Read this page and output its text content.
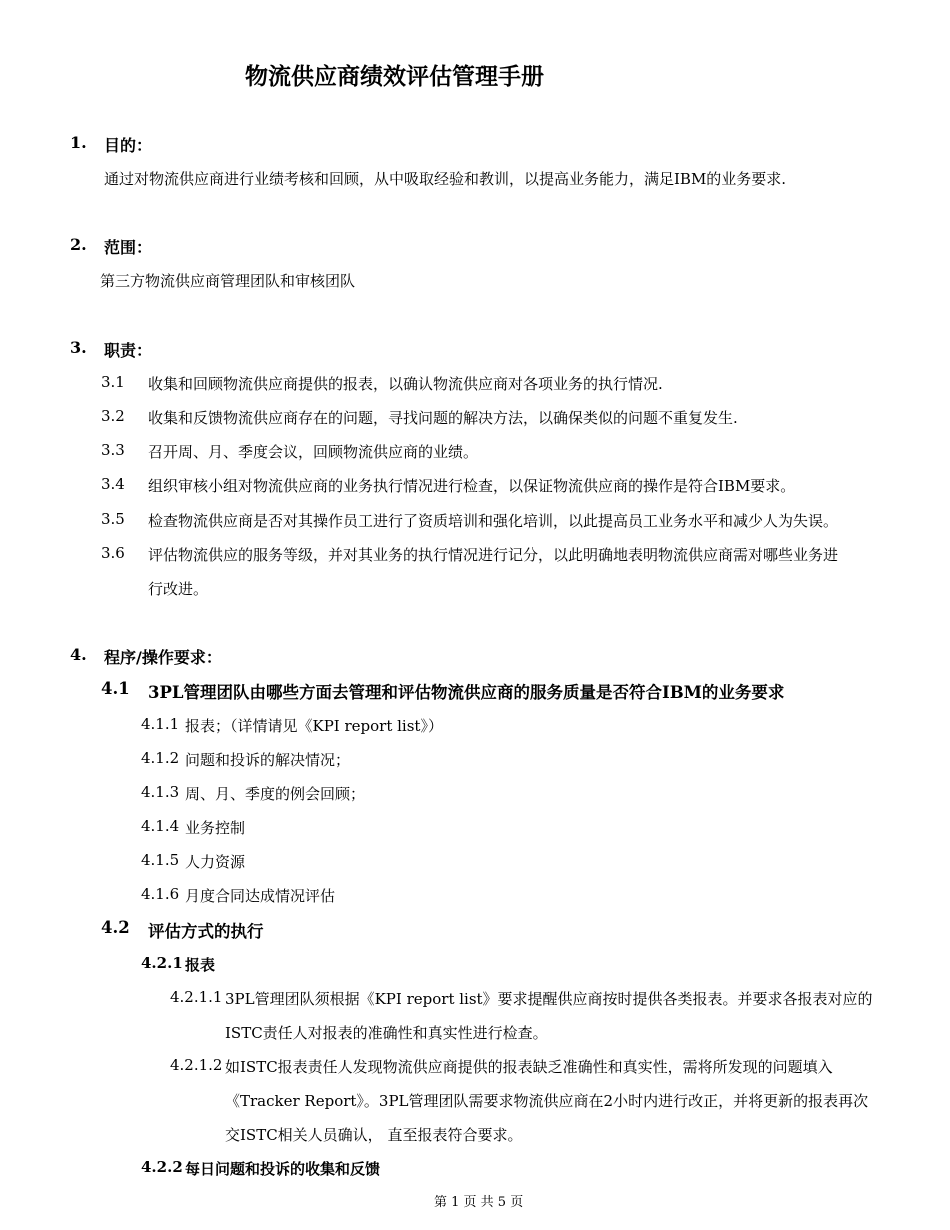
物流供应商绩效评估管理手册
1. 目的：
通过对物流供应商进行业绩考核和回顾，从中吸取经验和教训，以提高业务能力，满足IBM的业务要求.
2. 范围：
第三方物流供应商管理团队和审核团队
3. 职责：
3.1 收集和回顾物流供应商提供的报表，以确认物流供应商对各项业务的执行情况.
3.2 收集和反馈物流供应商存在的问题，寻找问题的解决方法，以确保类似的问题不重复发生.
3.3 召开周、月、季度会议，回顾物流供应商的业绩。
3.4 组织审核小组对物流供应商的业务执行情况进行检查，以保证物流供应商的操作是符合IBM要求。
3.5 检查物流供应商是否对其操作员工进行了资质培训和强化培训，以此提高员工业务水平和减少人为失误。
3.6 评估物流供应的服务等级，并对其业务的执行情况进行记分，以此明确地表明物流供应商需对哪些业务进
行改进。
4. 程序/操作要求：
4.1 3PL管理团队由哪些方面去管理和评估物流供应商的服务质量是否符合IBM的业务要求
4.1.1 报表；（详情请见《KPI report list》）
4.1.2 问题和投诉的解决情况；
4.1.3 周、月、季度的例会回顾；
4.1.4 业务控制
4.1.5 人力资源
4.1.6 月度合同达成情况评估
4.2 评估方式的执行
4.2.1 报表
4.2.1.1 3PL管理团队须根据《KPI report list》要求提醒供应商按时提供各类报表。并要求各报表对应的
ISTC责任人对报表的准确性和真实性进行检查。
4.2.1.2 如ISTC报表责任人发现物流供应商提供的报表缺乏准确性和真实性，需将所发现的问题填入
《Tracker Report》。3PL管理团队需要求物流供应商在2小时内进行改正，并将更新的报表再次
交ISTC相关人员确认， 直至报表符合要求。
4.2.2 每日问题和投诉的收集和反馈
第 1 页 共 5 页
